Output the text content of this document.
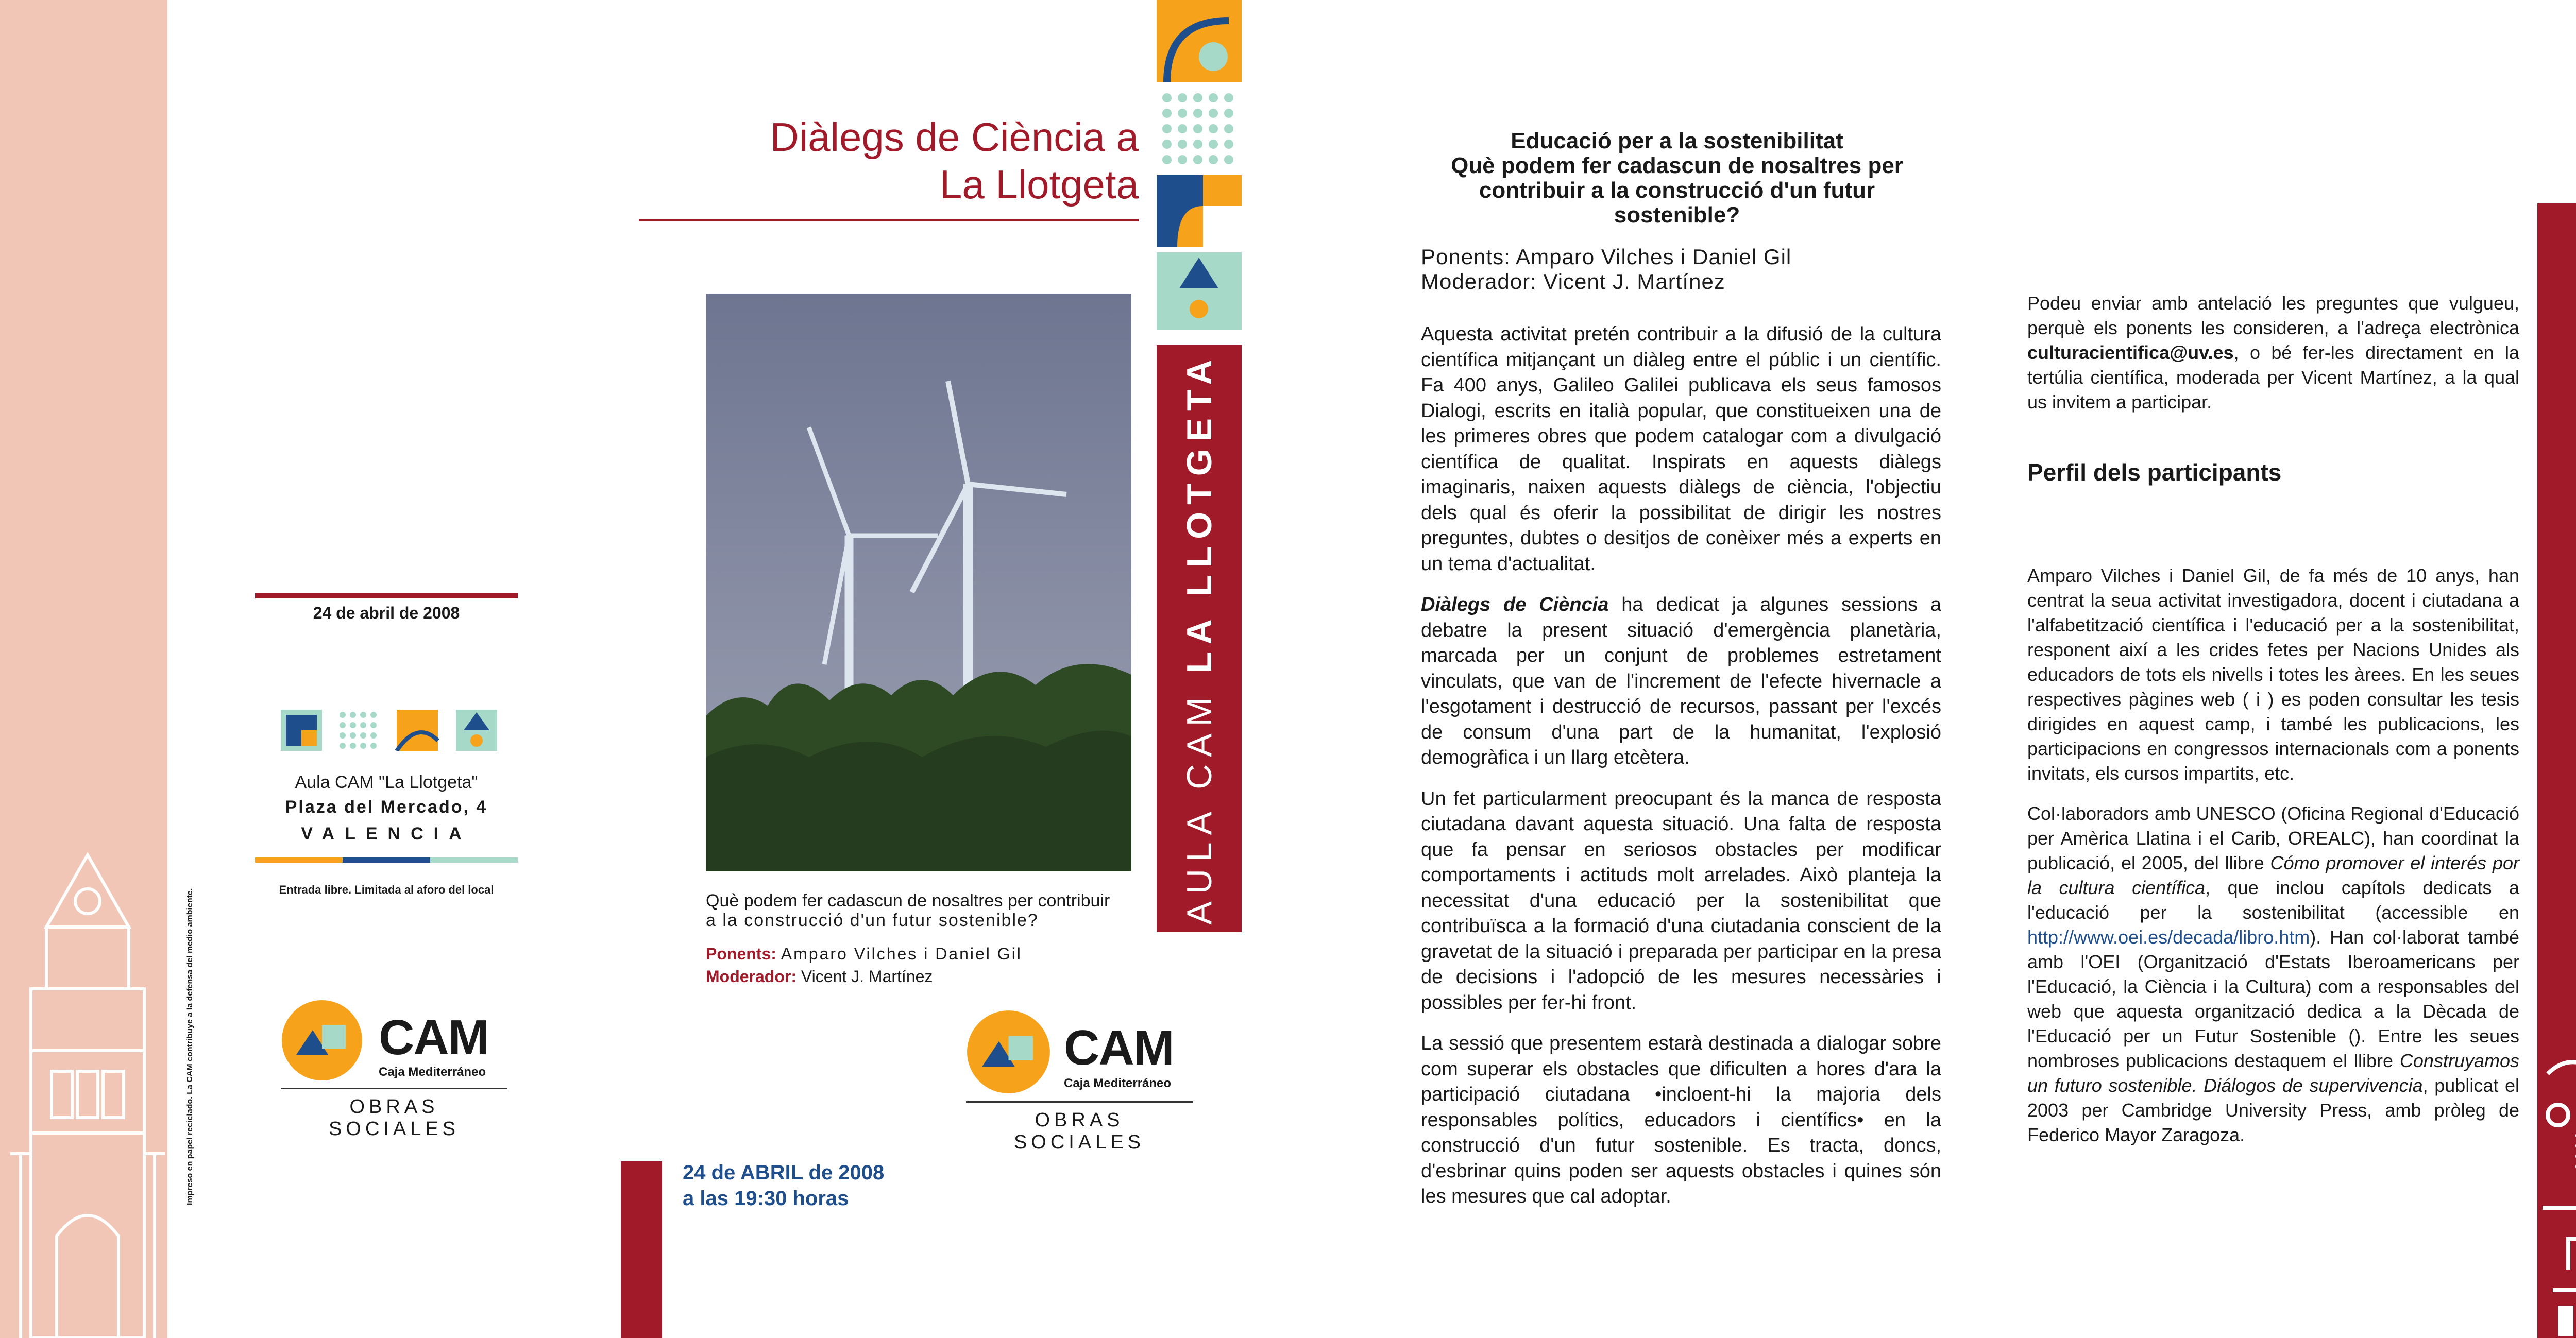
Impreso en papel reciclado. La CAM contribuye a la defensa del medio ambiente.
24 de abril de 2008
Aula CAM "La Llotgeta"
Plaza del Mercado, 4
VALENCIA
Entrada libre. Limitada al aforo del local
CAM
Caja Mediterráneo
OBRAS SOCIALES
Diàlegs de Ciència a
La Llotgeta
Què podem fer cadascun de nosaltres per contribuir
a la construcció d'un futur sostenible?
Ponents: Amparo Vilches i Daniel Gil
Moderador: Vicent J. Martínez
CAM
Caja Mediterráneo
OBRAS SOCIALES
24 de ABRIL de 2008
a las 19:30 horas
AULA CAM

LA LLOTGETA
Educació per a la sostenibilitat
Què podem fer cadascun de nosaltres per
contribuir a la construcció d'un futur sostenible?
Ponents: Amparo Vilches i Daniel Gil
Moderador: Vicent J. Martínez

Aquesta activitat pretén contribuir a la difusió de la cultura científica mitjançant un diàleg entre el públic i un científic. Fa 400 anys, Galileo Galilei publicava els seus famosos Dialogi, escrits en italià popular, que constitueixen una de les primeres obres que podem catalogar com a divulgació científica de qualitat. Inspirats en aquests diàlegs imaginaris, naixen aquests diàlegs de ciència, l'objectiu dels qual és oferir la possibilitat de dirigir les nostres preguntes, dubtes o desitjos de conèixer més a experts en un tema d'actualitat.

Diàlegs de Ciència ha dedicat ja algunes sessions a debatre la present situació d'emergència planetària, marcada per un conjunt de problemes estretament vinculats, que van de l'increment de l'efecte hivernacle a l'esgotament i destrucció de recursos, passant per l'excés de consum d'una part de la humanitat, l'explosió demogràfica i un llarg etcètera.

Un fet particularment preocupant és la manca de resposta ciutadana davant aquesta situació. Una falta de resposta que fa pensar en seriosos obstacles per modificar comportaments i actituds molt arrelades. Això planteja la necessitat d'una educació per la sostenibilitat que contribuïsca a la formació d'una ciutadania conscient de la gravetat de la situació i preparada per participar en la presa de decisions i l'adopció de les mesures necessàries i possibles per fer-hi front.

La sessió que presentem estarà destinada a dialogar sobre com superar els obstacles que dificulten a hores d'ara la participació ciutadana •incloent-hi la majoria dels responsables polítics, educadors i científics• en la construcció d'un futur sostenible. Es tracta, doncs, d'esbrinar quins poden ser aquests obstacles i quines són les mesures que cal adoptar.

Podeu enviar amb antelació les preguntes que vulgueu, perquè els ponents les consideren, a l'adreça electrònica culturacientifica@uv.es, o bé fer-les directament en la tertúlia científica, moderada per Vicent Martínez, a la qual us invitem a participar.

Perfil dels participants

Amparo Vilches i Daniel Gil, de fa més de 10 anys, han centrat la seua activitat investigadora, docent i ciutadana a l'alfabetització científica i l'educació per a la sostenibilitat, responent així a les crides fetes per Nacions Unides als educadors de tots els nivells i totes les àrees. En les seues respectives pàgines web ( i ) es poden consultar les tesis dirigides en aquest camp, i també les publicacions, les participacions en congressos internacionals com a ponents invitats, els cursos impartits, etc.

Col·laboradors amb UNESCO (Oficina Regional d'Educació per Amèrica Llatina i el Carib, OREALC), han coordinat la publicació, el 2005, del llibre Cómo promover el interés por la cultura científica, que inclou capítols dedicats a l'educació per la sostenibilitat (accessible en http://www.oei.es/decada/libro.htm). Han col·laborat també amb l'OEI (Organització d'Estats Iberoamericans per l'Educació, la Ciència i la Cultura) com a responsables del web que aquesta organització dedica a la Dècada de l'Educació per un Futur Sostenible (). Entre les seues nombroses publicacions destaquem el llibre Construyamos un futuro sostenible. Diálogos de supervivencia, publicat el 2003 per Cambridge University Press, amb pròleg de Federico Mayor Zaragoza.
